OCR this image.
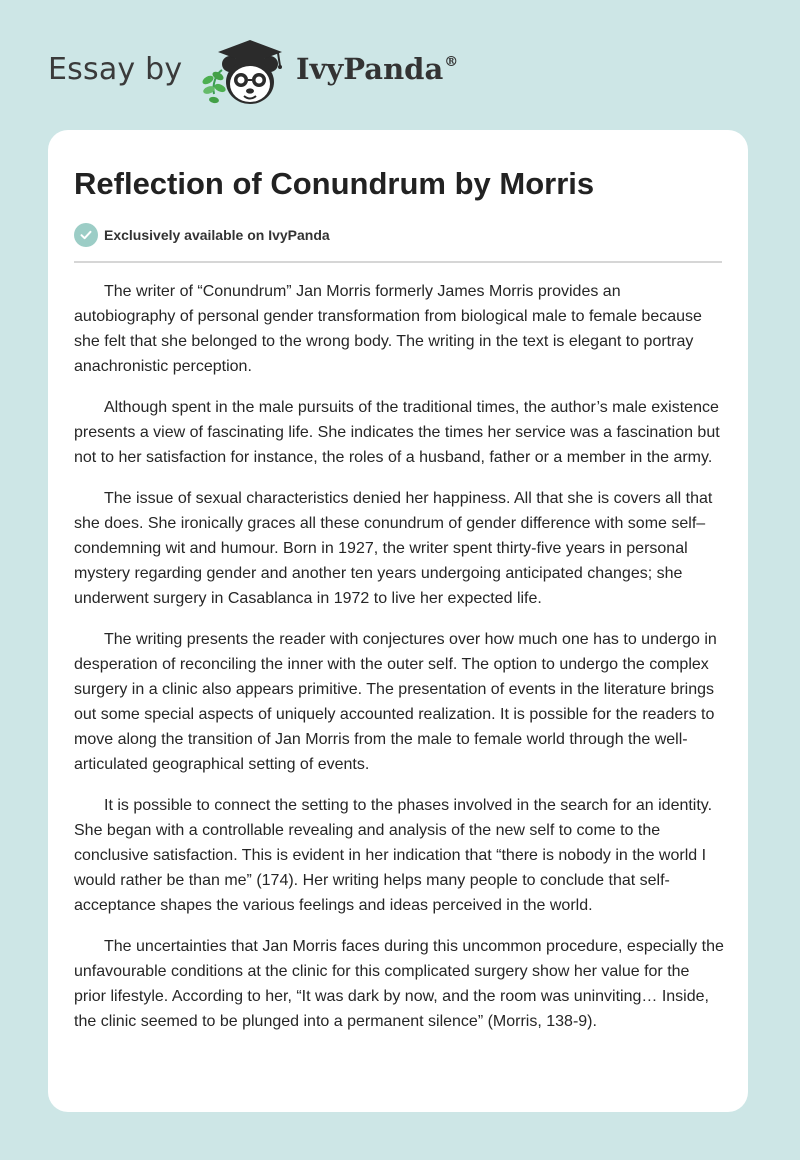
Essay by	IvyPanda®
Reflection of Conundrum by Morris
Exclusively available on IvyPanda

The writer of “Conundrum” Jan Morris formerly James Morris provides an autobiography of personal gender transformation from biological male to female because she felt that she belonged to the wrong body. The writing in the text is elegant to portray anachronistic perception.

Although spent in the male pursuits of the traditional times, the author’s male existence presents a view of fascinating life. She indicates the times her service was a fascination but not to her satisfaction for instance, the roles of a husband, father or a member in the army.

The issue of sexual characteristics denied her happiness. All that she is covers all that she does. She ironically graces all these conundrum of gender difference with some self–condemning wit and humour. Born in 1927, the writer spent thirty-five years in personal mystery regarding gender and another ten years undergoing anticipated changes; she underwent surgery in Casablanca in 1972 to live her expected life.

The writing presents the reader with conjectures over how much one has to undergo in desperation of reconciling the inner with the outer self. The option to undergo the complex surgery in a clinic also appears primitive. The presentation of events in the literature brings out some special aspects of uniquely accounted realization. It is possible for the readers to move along the transition of Jan Morris from the male to female world through the well-articulated geographical setting of events.

It is possible to connect the setting to the phases involved in the search for an identity. She began with a controllable revealing and analysis of the new self to come to the conclusive satisfaction. This is evident in her indication that “there is nobody in the world I would rather be than me” (174). Her writing helps many people to conclude that self-acceptance shapes the various feelings and ideas perceived in the world.

The uncertainties that Jan Morris faces during this uncommon procedure, especially the unfavourable conditions at the clinic for this complicated surgery show her value for the prior lifestyle. According to her, “It was dark by now, and the room was uninviting… Inside, the clinic seemed to be plunged into a permanent silence” (Morris, 138-9).
